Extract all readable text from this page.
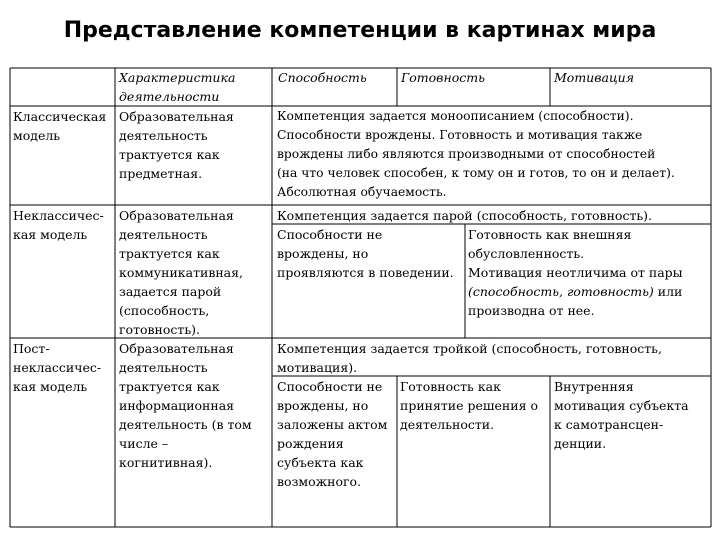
Представление компетенции в картинах мира
Характеристика
деятельности
Способность	Готовность	Мотивация
Классическая
модель
Образовательная
деятельность
трактуется как
предметная.
Компетенция задается моноописанием (способности).
Способности врождены. Готовность и мотивация также
врождены либо являются производными от способностей
(на что человек способен, к тому он и готов, то он и делает).
Абсолютная обучаемость.
Неклассичес-
кая модель
Образовательная
деятельность
трактуется как
коммуникативная,
задается парой
(способность,
готовность).
Компетенция задается парой (способность, готовность).
Способности не
врождены, но
проявляются в поведении.
Готовность как внешняя
обусловленность.
Мотивация неотличима от пары
(способность, готовность) или
производна от нее.
Пост-
неклассичес-
кая модель
Образовательная
деятельность
трактуется как
информационная
деятельность (в том
числе –
когнитивная).
Компетенция задается тройкой (способность, готовность,
мотивация).
Способности не
врождены, но
заложены актом
рождения
субъекта как
возможного.
Готовность как
принятие решения о
деятельности.
Внутренняя
мотивация субъекта
к самотрансцен-
денции.
